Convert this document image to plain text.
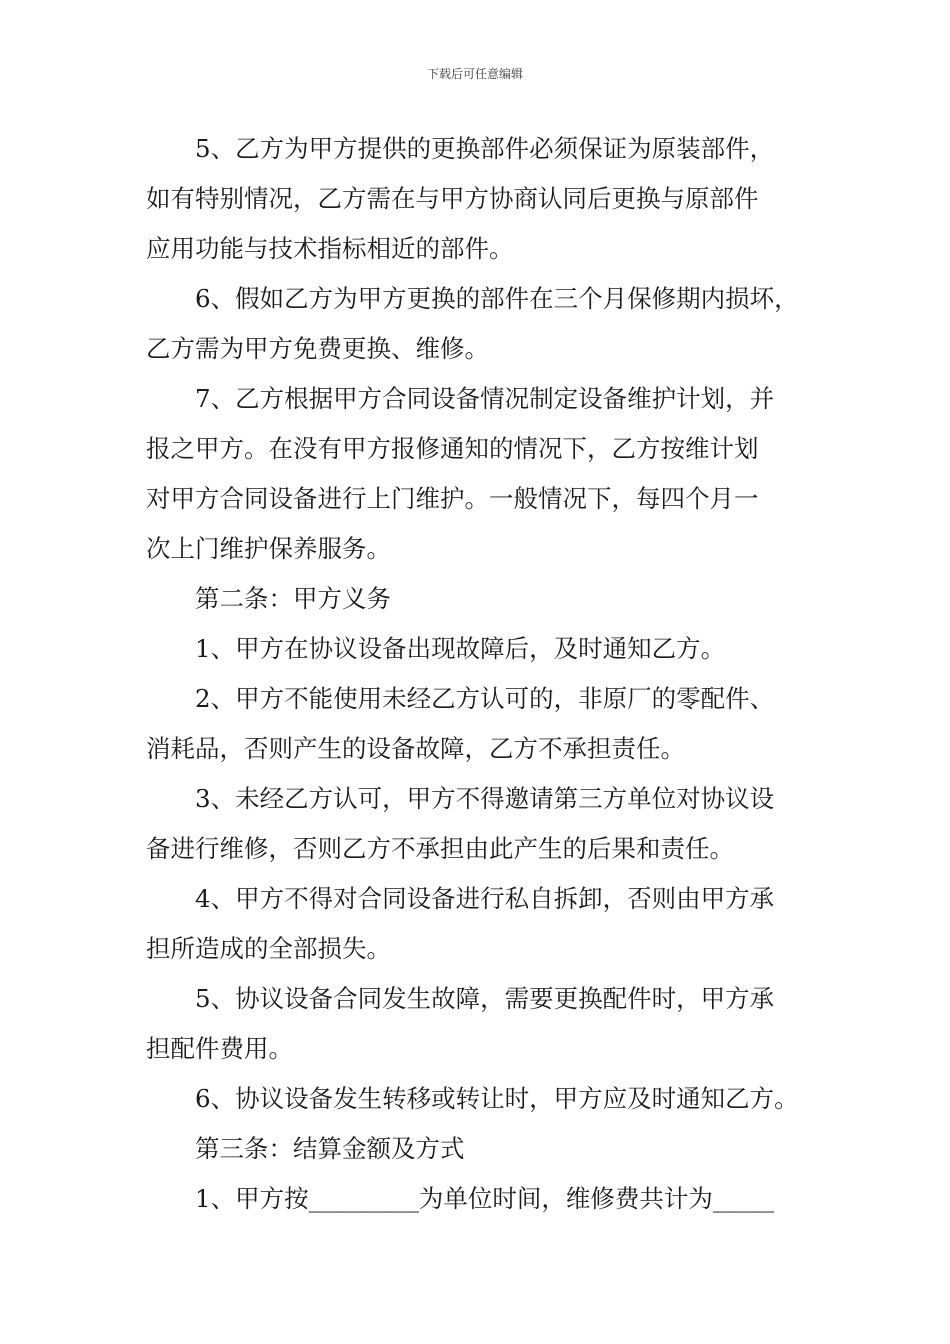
下载后可任意编辑
5、乙方为甲方提供的更换部件必须保证为原装部件，
如有特别情况，乙方需在与甲方协商认同后更换与原部件
应用功能与技术指标相近的部件。
6、假如乙方为甲方更换的部件在三个月保修期内损坏，
乙方需为甲方免费更换、维修。
7、乙方根据甲方合同设备情况制定设备维护计划，并
报之甲方。在没有甲方报修通知的情况下，乙方按维计划
对甲方合同设备进行上门维护。一般情况下，每四个月一
次上门维护保养服务。
第二条：甲方义务
1、甲方在协议设备出现故障后，及时通知乙方。
2、甲方不能使用未经乙方认可的，非原厂的零配件、
消耗品，否则产生的设备故障，乙方不承担责任。
3、未经乙方认可，甲方不得邀请第三方单位对协议设
备进行维修，否则乙方不承担由此产生的后果和责任。
4、甲方不得对合同设备进行私自拆卸，否则由甲方承
担所造成的全部损失。
5、协议设备合同发生故障，需要更换配件时，甲方承
担配件费用。
6、协议设备发生转移或转让时，甲方应及时通知乙方。
第三条：结算金额及方式
1、甲方按_________为单位时间，维修费共计为_____
